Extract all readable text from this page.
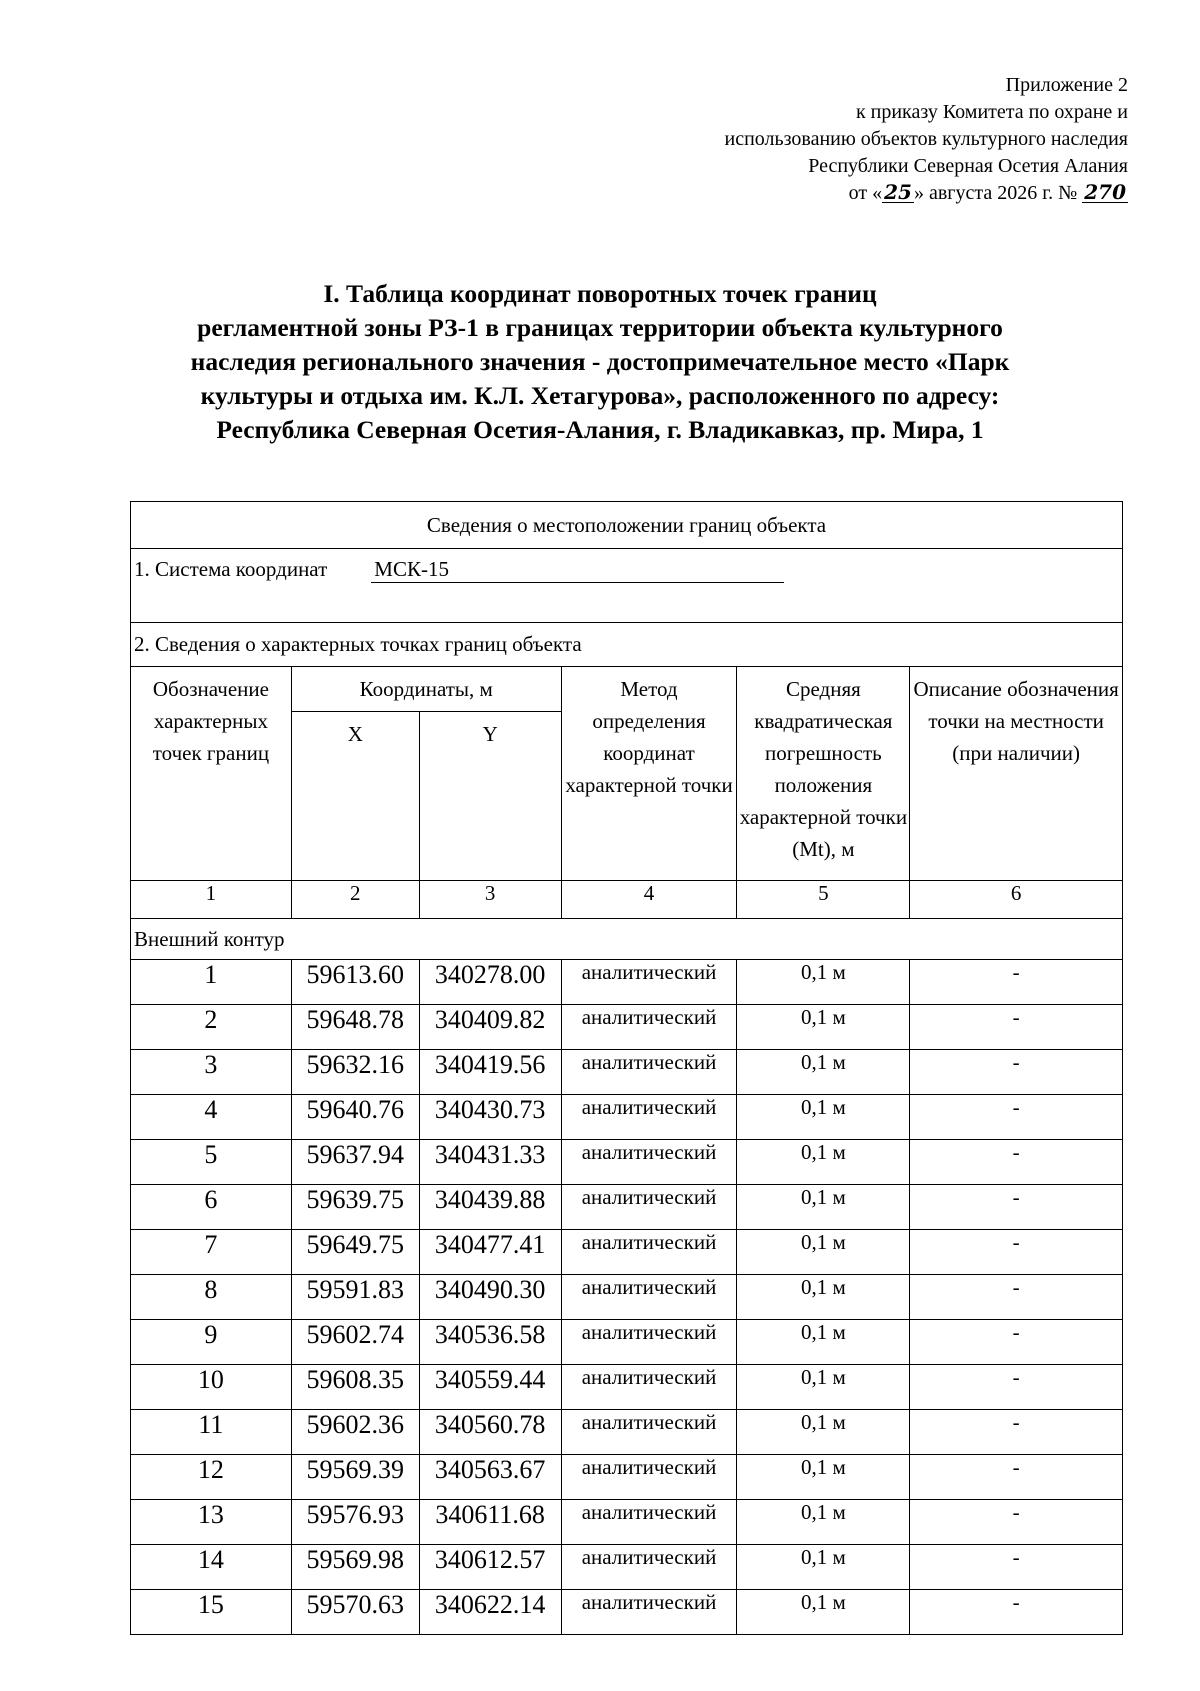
Приложение 2
к приказу Комитета по охране и
использованию объектов культурного наследия
Республики Северная Осетия Алания
от « 25 » августа 2026 г. № 270
I. Таблица координат поворотных точек границ
регламентной зоны РЗ-1 в границах территории объекта культурного
наследия регионального значения - достопримечательное место «Парк
культуры и отдыха им. К.Л. Хетагурова», расположенного по адресу:
Республика Северная Осетия-Алания, г. Владикавказ, пр. Мира, 1
Сведения о местоположении границ объекта					

1. Система координат МСК-15					

2. Сведения о характерных точках границ объекта					
Обозначение характерных точек границ	Координаты, м		Метод определения координат характерной точки	Средняя квадратическая погрешность положения характерной точки (Mt), м	Описание обозначения точки на местности (при наличии)
	X	Y			
1	2	3	4	5	6
Внешний контур					
1	59613.60	340278.00	аналитический	0,1 м	-
2	59648.78	340409.82	аналитический	0,1 м	-
3	59632.16	340419.56	аналитический	0,1 м	-
4	59640.76	340430.73	аналитический	0,1 м	-
5	59637.94	340431.33	аналитический	0,1 м	-
6	59639.75	340439.88	аналитический	0,1 м	-
7	59649.75	340477.41	аналитический	0,1 м	-
8	59591.83	340490.30	аналитический	0,1 м	-
9	59602.74	340536.58	аналитический	0,1 м	-
10	59608.35	340559.44	аналитический	0,1 м	-
11	59602.36	340560.78	аналитический	0,1 м	-
12	59569.39	340563.67	аналитический	0,1 м	-
13	59576.93	340611.68	аналитический	0,1 м	-
14	59569.98	340612.57	аналитический	0,1 м	-
15	59570.63	340622.14	аналитический	0,1 м	-
